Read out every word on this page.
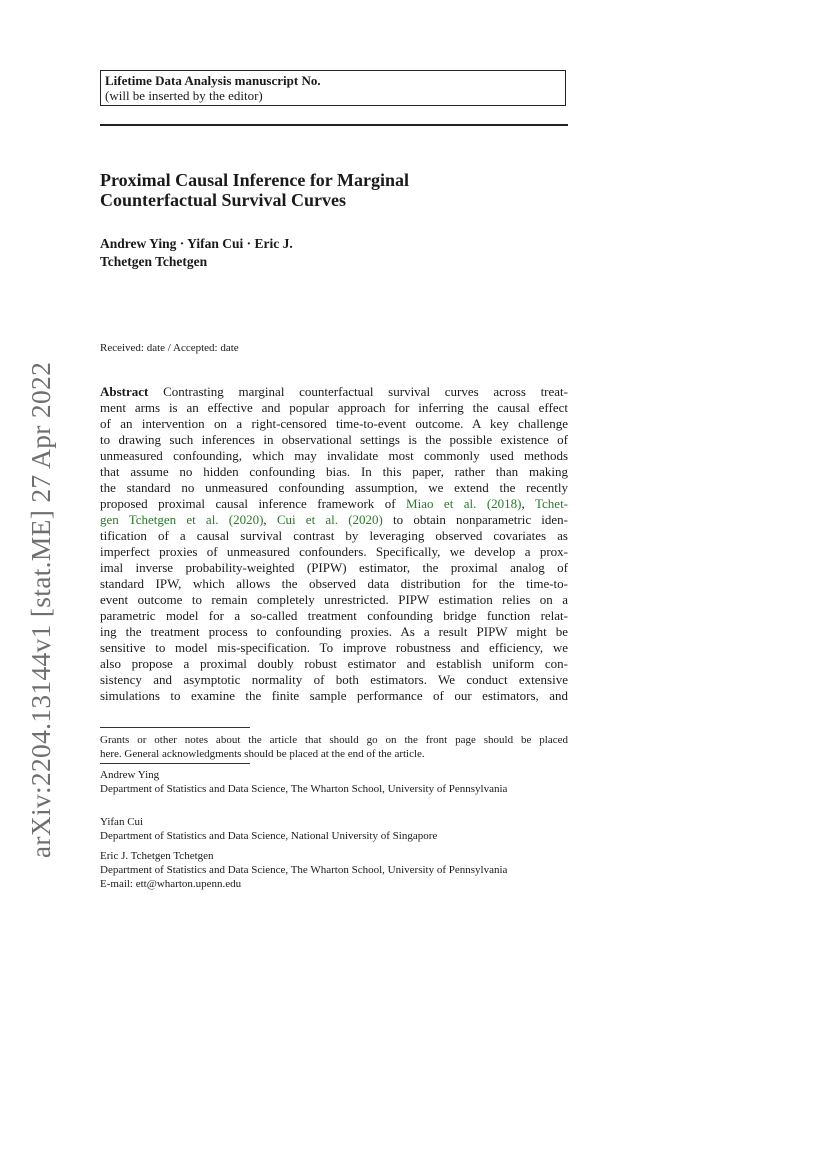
arXiv:2204.13144v1 [stat.ME] 27 Apr 2022
Lifetime Data Analysis manuscript No.
(will be inserted by the editor)
Proximal Causal Inference for Marginal
Counterfactual Survival Curves
Andrew Ying · Yifan Cui · Eric J.
Tchetgen Tchetgen
Received: date / Accepted: date
Abstract Contrasting marginal counterfactual survival curves across treat-
ment arms is an effective and popular approach for inferring the causal effect
of an intervention on a right-censored time-to-event outcome. A key challenge
to drawing such inferences in observational settings is the possible existence of
unmeasured confounding, which may invalidate most commonly used methods
that assume no hidden confounding bias. In this paper, rather than making
the standard no unmeasured confounding assumption, we extend the recently
proposed proximal causal inference framework of Miao et al. (2018), Tchet-
gen Tchetgen et al. (2020), Cui et al. (2020) to obtain nonparametric iden-
tification of a causal survival contrast by leveraging observed covariates as
imperfect proxies of unmeasured confounders. Specifically, we develop a prox-
imal inverse probability-weighted (PIPW) estimator, the proximal analog of
standard IPW, which allows the observed data distribution for the time-to-
event outcome to remain completely unrestricted. PIPW estimation relies on a
parametric model for a so-called treatment confounding bridge function relat-
ing the treatment process to confounding proxies. As a result PIPW might be
sensitive to model mis-specification. To improve robustness and efficiency, we
also propose a proximal doubly robust estimator and establish uniform con-
sistency and asymptotic normality of both estimators. We conduct extensive
simulations to examine the finite sample performance of our estimators, and
Grants or other notes about the article that should go on the front page should be placed
here. General acknowledgments should be placed at the end of the article.
Andrew Ying
Department of Statistics and Data Science, The Wharton School, University of Pennsylvania
Yifan Cui
Department of Statistics and Data Science, National University of Singapore
Eric J. Tchetgen Tchetgen
Department of Statistics and Data Science, The Wharton School, University of Pennsylvania
E-mail: ett@wharton.upenn.edu
